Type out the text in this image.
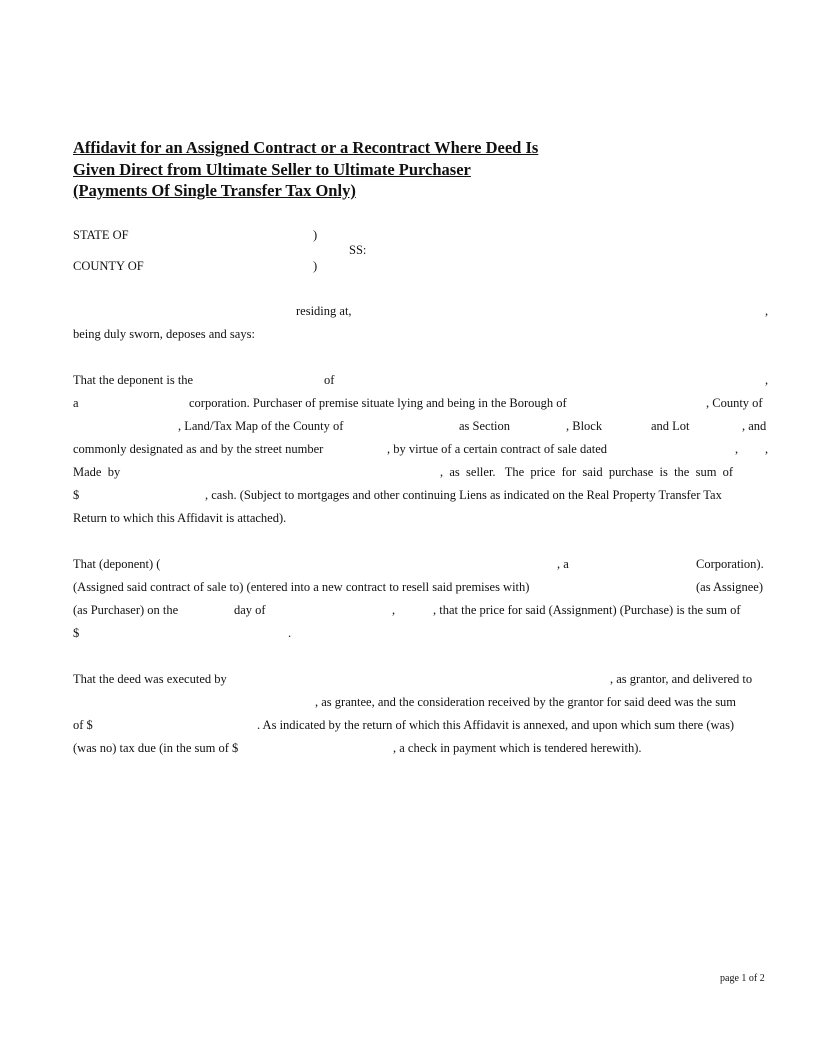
Affidavit for an Assigned Contract or a Recontract Where Deed Is
Given Direct from Ultimate Seller to Ultimate Purchaser
(Payments Of Single Transfer Tax Only)
STATE OF	)
SS:
COUNTY OF	)
residing at,	,
being duly sworn, deposes and says:
That the deponent is the	of	,
a	corporation. Purchaser of premise situate lying and being in the Borough of	, County of
, Land/Tax Map of the County of	as Section	, Block	and Lot	, and
commonly designated as and by the street number	, by virtue of a certain contract of sale dated	, ,
Made  by	,  as  seller.   The  price  for  said  purchase  is  the  sum  of
$	, cash. (Subject to mortgages and other continuing Liens as indicated on the Real Property Transfer Tax
Return to which this Affidavit is attached).
That (deponent) (	, a	Corporation).
(Assigned said contract of sale to) (entered into a new contract to resell said premises with)	(as Assignee)
(as Purchaser) on the	day of	,	, that the price for said (Assignment) (Purchase) is the sum of
$	.
That the deed was executed by	, as grantor, and delivered to
, as grantee, and the consideration received by the grantor for said deed was the sum
of $	. As indicated by the return of which this Affidavit is annexed, and upon which sum there (was)
(was no) tax due (in the sum of $	, a check in payment which is tendered herewith).
page 1 of 2
